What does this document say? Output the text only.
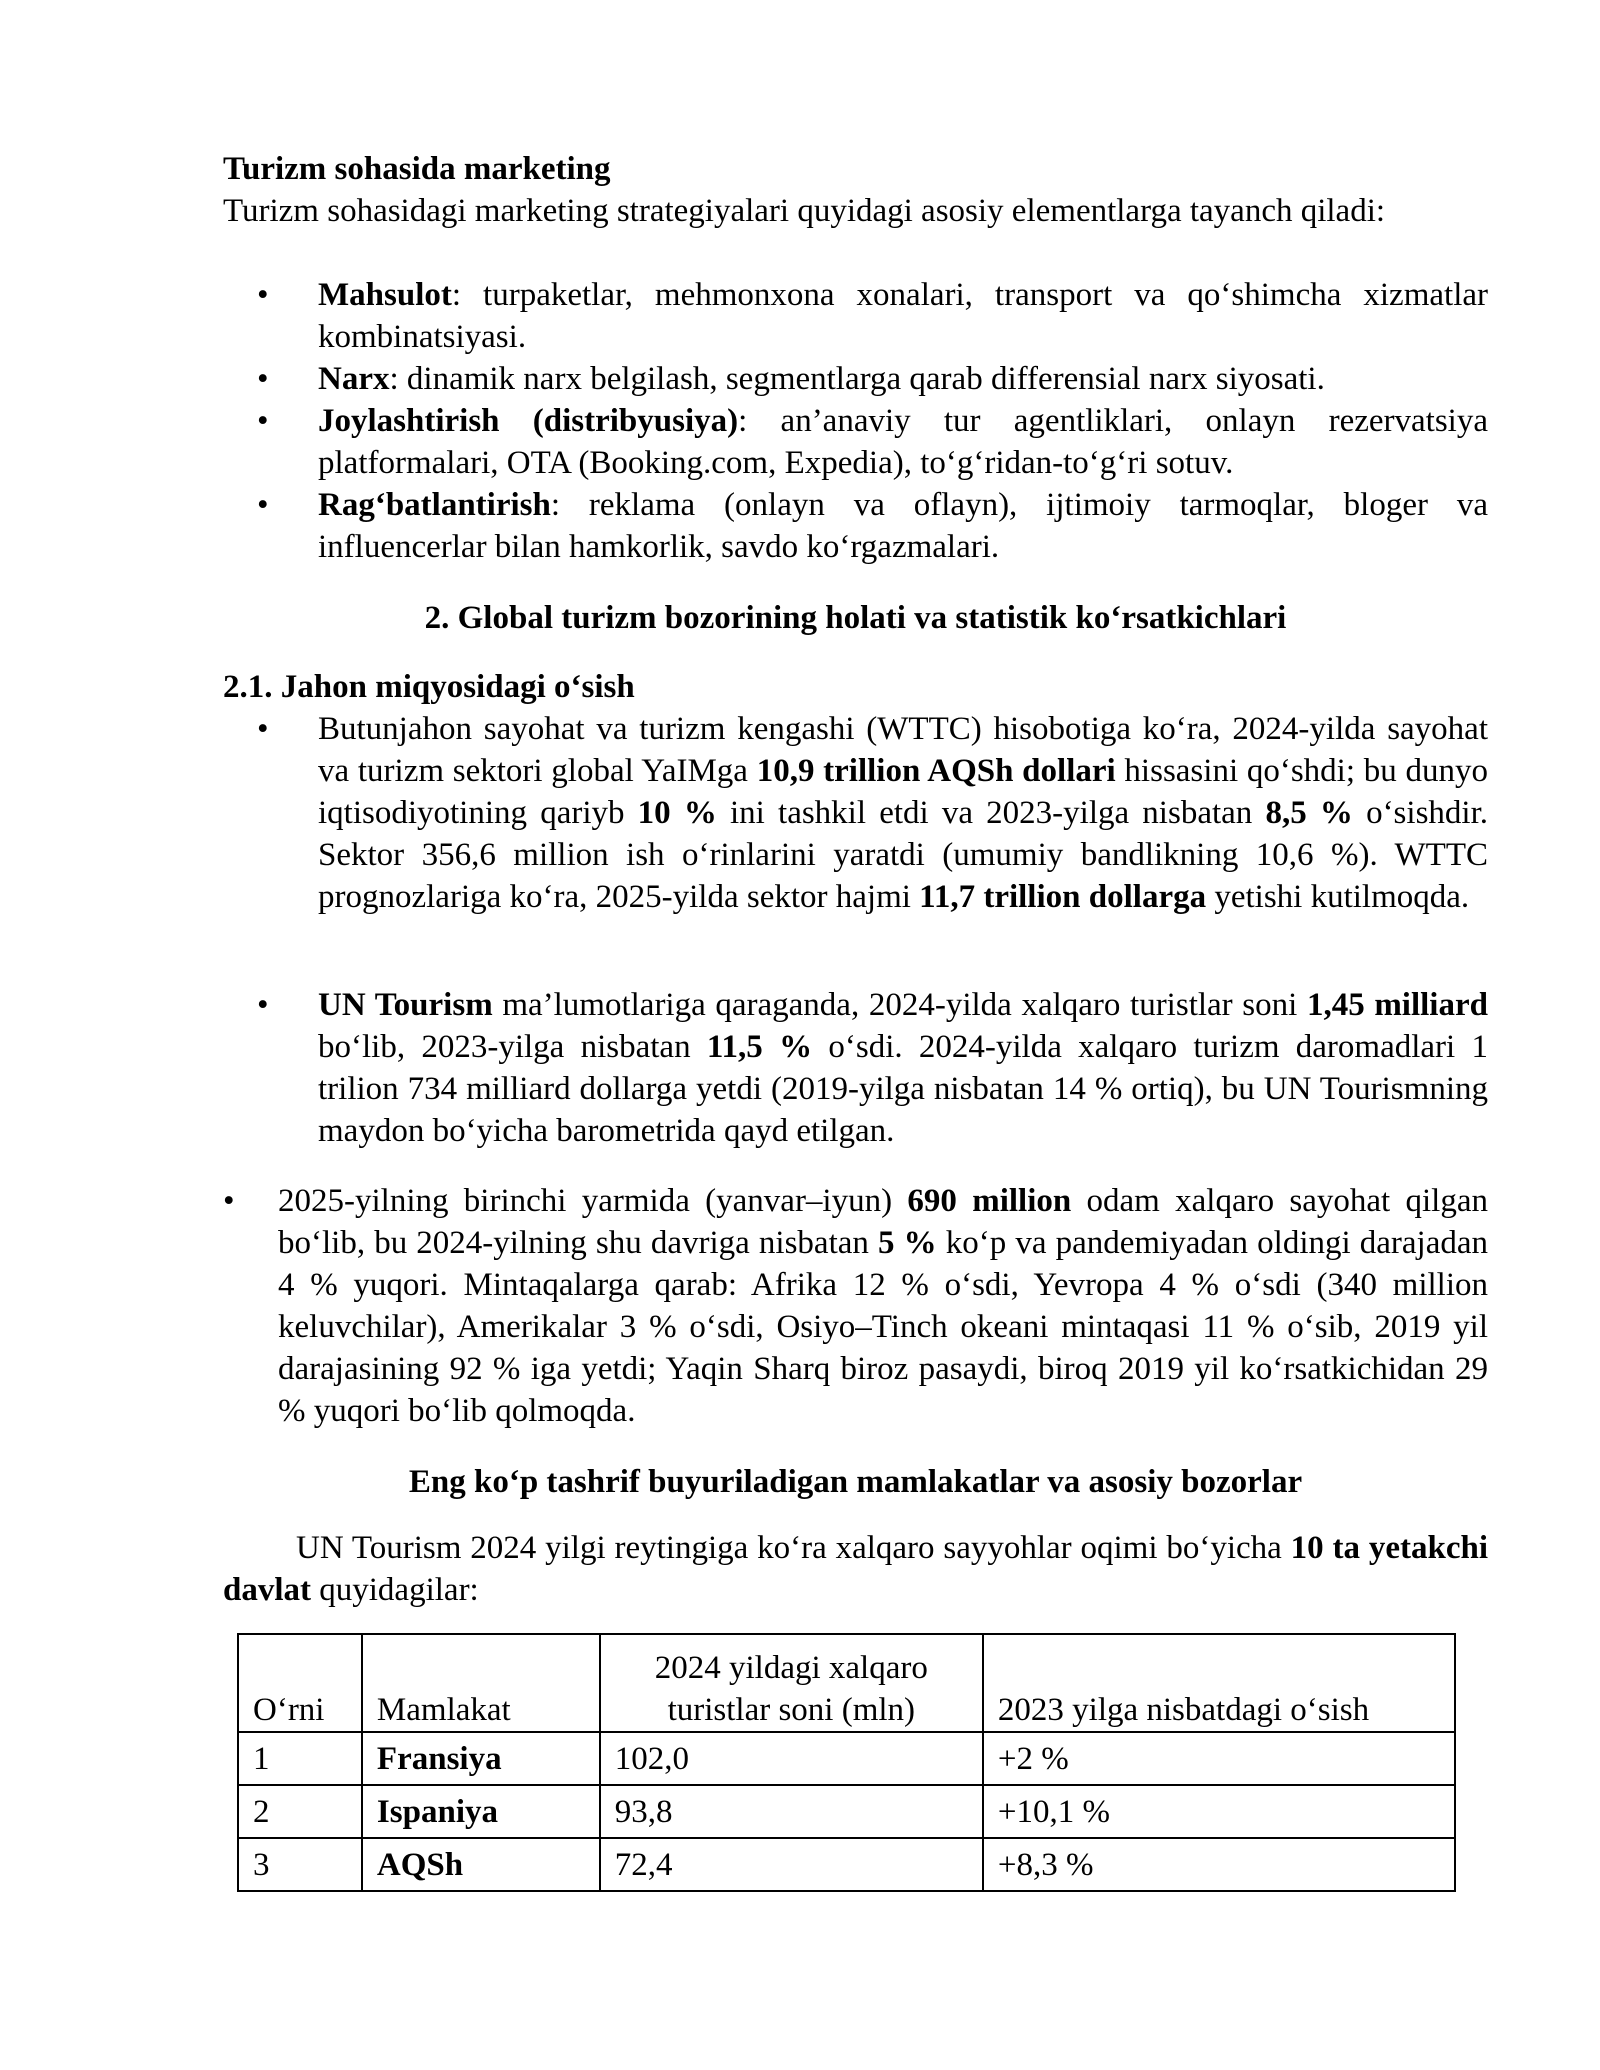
Turizm sohasida marketing
Turizm sohasidagi marketing strategiyalari quyidagi asosiy elementlarga tayanch qiladi:
• Mahsulot: turpaketlar, mehmonxona xonalari, transport va qo‘shimcha xizmatlar kombinatsiyasi.
• Narx: dinamik narx belgilash, segmentlarga qarab differensial narx siyosati.
• Joylashtirish (distribyusiya): an’anaviy tur agentliklari, onlayn rezervatsiya platformalari, OTA (Booking.com, Expedia), to‘g‘ridan-to‘g‘ri sotuv.
• Rag‘batlantirish: reklama (onlayn va oflayn), ijtimoiy tarmoqlar, bloger va influencerlar bilan hamkorlik, savdo ko‘rgazmalari.
2. Global turizm bozorining holati va statistik ko‘rsatkichlari
2.1. Jahon miqyosidagi o‘sish
• Butunjahon sayohat va turizm kengashi (WTTC) hisobotiga ko‘ra, 2024-yilda sayohat va turizm sektori global YaIMga 10,9 trillion AQSh dollari hissasini qo‘shdi; bu dunyo iqtisodiyotining qariyb 10 % ini tashkil etdi va 2023-yilga nisbatan 8,5 % o‘sishdir. Sektor 356,6 million ish o‘rinlarini yaratdi (umumiy bandlikning 10,6 %). WTTC prognozlariga ko‘ra, 2025-yilda sektor hajmi 11,7 trillion dollarga yetishi kutilmoqda.
• UN Tourism ma’lumotlariga qaraganda, 2024-yilda xalqaro turistlar soni 1,45 milliard bo‘lib, 2023-yilga nisbatan 11,5 % o‘sdi. 2024-yilda xalqaro turizm daromadlari 1 trilion 734 milliard dollarga yetdi (2019-yilga nisbatan 14 % ortiq), bu UN Tourismning maydon bo‘yicha barometrida qayd etilgan.
• 2025-yilning birinchi yarmida (yanvar–iyun) 690 million odam xalqaro sayohat qilgan bo‘lib, bu 2024-yilning shu davriga nisbatan 5 % ko‘p va pandemiyadan oldingi darajadan 4 % yuqori. Mintaqalarga qarab: Afrika 12 % o‘sdi, Yevropa 4 % o‘sdi (340 million keluvchilar), Amerikalar 3 % o‘sdi, Osiyo–Tinch okeani mintaqasi 11 % o‘sib, 2019 yil darajasining 92 % iga yetdi; Yaqin Sharq biroz pasaydi, biroq 2019 yil ko‘rsatkichidan 29 % yuqori bo‘lib qolmoqda.
Eng ko‘p tashrif buyuriladigan mamlakatlar va asosiy bozorlar
UN Tourism 2024 yilgi reytingiga ko‘ra xalqaro sayyohlar oqimi bo‘yicha 10 ta yetakchi davlat quyidagilar:
O‘rni	Mamlakat	2024 yildagi xalqaro turistlar soni (mln)	2023 yilga nisbatdagi o‘sish
1	Fransiya	102,0	+2 %
2	Ispaniya	93,8	+10,1 %
3	AQSh	72,4	+8,3 %
